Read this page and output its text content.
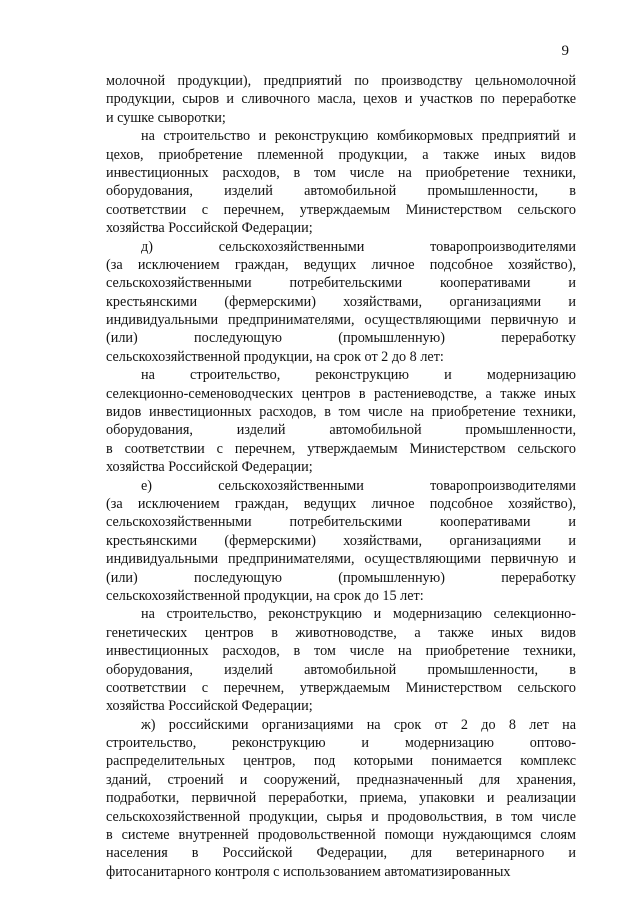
9
молочной продукции), предприятий по производству цельномолочной
продукции, сыров и сливочного масла, цехов и участков по переработке
и сушке сыворотки;
на строительство и реконструкцию комбикормовых предприятий и
цехов, приобретение племенной продукции, а также иных видов
инвестиционных расходов, в том числе на приобретение техники,
оборудования, изделий автомобильной промышленности, в
соответствии с перечнем, утверждаемым Министерством сельского
хозяйства Российской Федерации;
д) сельскохозяйственными товаропроизводителями
(за исключением граждан, ведущих личное подсобное хозяйство),
сельскохозяйственными потребительскими кооперативами и
крестьянскими (фермерскими) хозяйствами, организациями и
индивидуальными предпринимателями, осуществляющими первичную и
(или) последующую (промышленную) переработку
сельскохозяйственной продукции, на срок от 2 до 8 лет:
на строительство, реконструкцию и модернизацию
селекционно-семеноводческих центров в растениеводстве, а также иных
видов инвестиционных расходов, в том числе на приобретение техники,
оборудования, изделий автомобильной промышленности,
в соответствии с перечнем, утверждаемым Министерством сельского
хозяйства Российской Федерации;
е) сельскохозяйственными товаропроизводителями
(за исключением граждан, ведущих личное подсобное хозяйство),
сельскохозяйственными потребительскими кооперативами и
крестьянскими (фермерскими) хозяйствами, организациями и
индивидуальными предпринимателями, осуществляющими первичную и
(или) последующую (промышленную) переработку
сельскохозяйственной продукции, на срок до 15 лет:
на строительство, реконструкцию и модернизацию селекционно-
генетических центров в животноводстве, а также иных видов
инвестиционных расходов, в том числе на приобретение техники,
оборудования, изделий автомобильной промышленности, в
соответствии с перечнем, утверждаемым Министерством сельского
хозяйства Российской Федерации;
ж) российскими организациями на срок от 2 до 8 лет на
строительство, реконструкцию и модернизацию оптово-
распределительных центров, под которыми понимается комплекс
зданий, строений и сооружений, предназначенный для хранения,
подработки, первичной переработки, приема, упаковки и реализации
сельскохозяйственной продукции, сырья и продовольствия, в том числе
в системе внутренней продовольственной помощи нуждающимся слоям
населения в Российской Федерации, для ветеринарного и
фитосанитарного контроля с использованием автоматизированных
